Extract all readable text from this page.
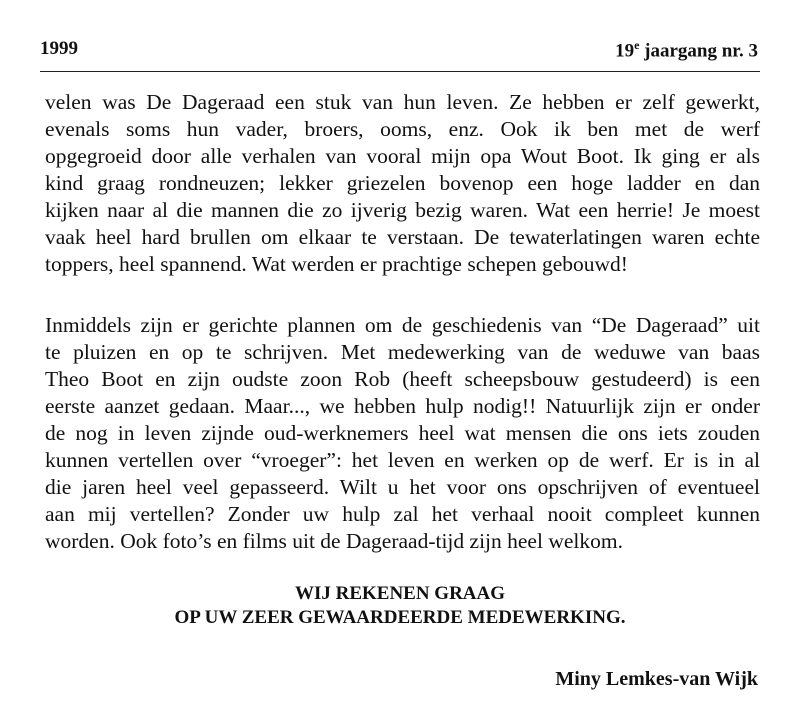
1999	19e jaargang nr. 3
velen was De Dageraad een stuk van hun leven. Ze hebben er zelf gewerkt,
evenals soms hun vader, broers, ooms, enz. Ook ik ben met de werf
opgegroeid door alle verhalen van vooral mijn opa Wout Boot. Ik ging er als
kind graag rondneuzen; lekker griezelen bovenop een hoge ladder en dan
kijken naar al die mannen die zo ijverig bezig waren. Wat een herrie! Je moest
vaak heel hard brullen om elkaar te verstaan. De tewaterlatingen waren echte
toppers, heel spannend. Wat werden er prachtige schepen gebouwd!
Inmiddels zijn er gerichte plannen om de geschiedenis van “De Dageraad” uit
te pluizen en op te schrijven. Met medewerking van de weduwe van baas
Theo Boot en zijn oudste zoon Rob (heeft scheepsbouw gestudeerd) is een
eerste aanzet gedaan. Maar..., we hebben hulp nodig!! Natuurlijk zijn er onder
de nog in leven zijnde oud-werknemers heel wat mensen die ons iets zouden
kunnen vertellen over “vroeger”: het leven en werken op de werf. Er is in al
die jaren heel veel gepasseerd. Wilt u het voor ons opschrijven of eventueel
aan mij vertellen? Zonder uw hulp zal het verhaal nooit compleet kunnen
worden. Ook foto’s en films uit de Dageraad-tijd zijn heel welkom.
WIJ REKENEN GRAAG
OP UW ZEER GEWAARDEERDE MEDEWERKING.
Miny Lemkes-van Wijk
